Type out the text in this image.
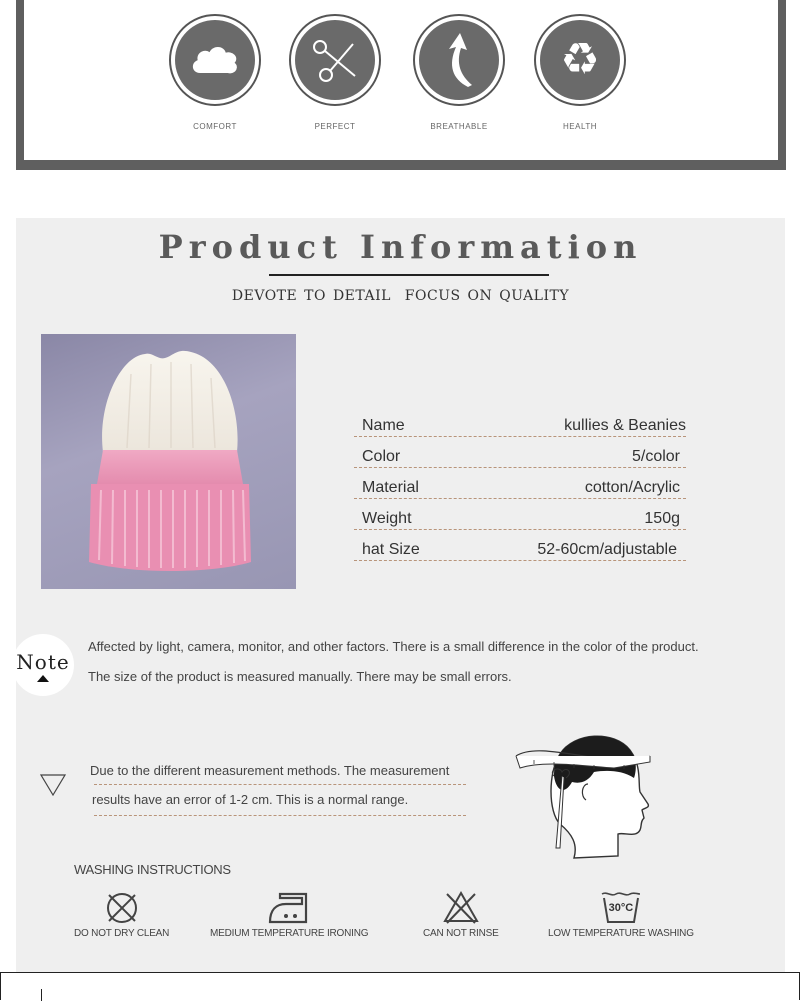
COMFORT	PERFECT	BREATHABLE
♻
HEALTH
Product Information
DEVOTE TO DETAIL  FOCUS ON QUALITY
Name	kullies & Beanies
Color	5/color
Material	cotton/Acrylic
Weight	150g
hat Size	52-60cm/adjustable
Note
Affected by light, camera, monitor, and other factors. There is a small difference in the color of the product.
The size of the product is measured manually. There may be small errors.
Due to the different measurement methods. The measurement
results have an error of 1-2 cm. This is a normal range.
WASHING INSTRUCTIONS
DO NOT DRY CLEAN	MEDIUM TEMPERATURE IRONING	CAN NOT RINSE
30°C
LOW TEMPERATURE WASHING
